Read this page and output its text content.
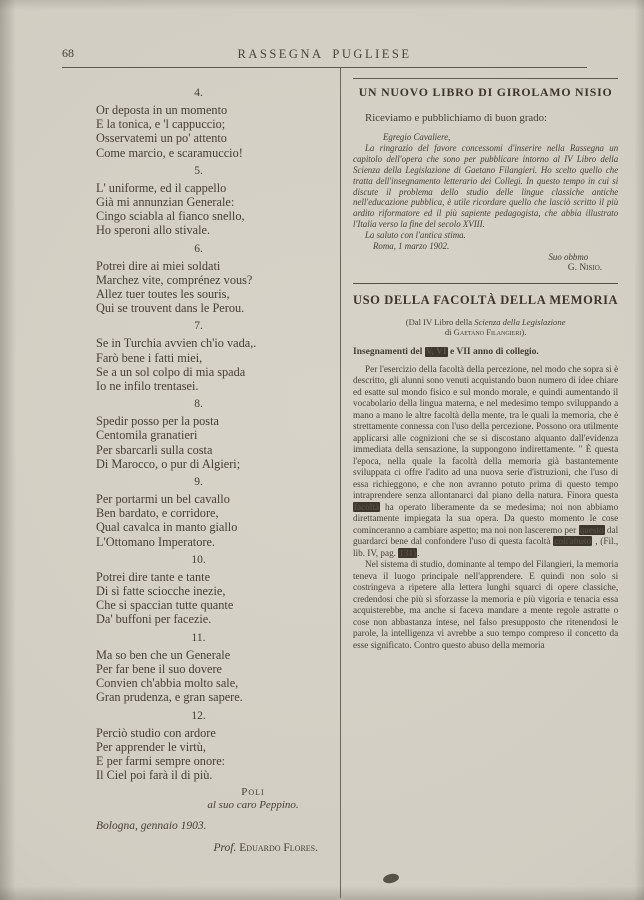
68	RASSEGNA PUGLIESE
4.
Or deposta in un momento
E la tonica, e 'l cappuccio;
Osservatemi un po' attento
Come marcio, e scaramuccio!
5.
L' uniforme, ed il cappello
Già mi annunzian Generale:
Cingo sciabla al fianco snello,
Ho speroni allo stivale.
6.
Potrei dire ai miei soldati
Marchez vite, comprénez vous?
Allez tuer toutes les souris,
Qui se trouvent dans le Perou.
7.
Se in Turchia avvien ch'io vada,.
Farò bene i fatti miei,
Se a un sol colpo di mia spada
Io ne infilo trentasei.
8.
Spedir posso per la posta
Centomila granatieri
Per sbarcarli sulla costa
Di Marocco, o pur di Algieri;
9.
Per portarmi un bel cavallo
Ben bardato, e corridore,
Qual cavalca in manto giallo
L'Ottomano Imperatore.
10.
Potrei dire tante e tante
Di sì fatte sciocche inezie,
Che si spaccian tutte quante
Da' buffoni per facezie.
11.
Ma so ben che un Generale
Per far bene il suo dovere
Convien ch'abbia molto sale,
Gran prudenza, e gran sapere.
12.
Perciò studio con ardore
Per apprender le virtù,
E per farmi sempre onore:
Il Ciel poi farà il di più.
Poli
al suo caro Peppino.
Bologna, gennaio 1903.
Prof. Eduardo Flores.
UN NUOVO LIBRO DI GIROLAMO NISIO

Riceviamo e pubblichiamo di buon grado:

Egregio Cavaliere,

La ringrazio del favore concessomi d'inserire nella Rassegna un capitolo dell'opera che sono per pubblicare intorno al IV Libro della Scienza della Legislazione di Gaetano Filangieri. Ho scelto quello che tratta dell'insegnamento letterario dei Collegi. In questo tempo in cui si discute il problema dello studio delle lingue classiche antiche nell'educazione pubblica, è utile ricordare quello che lasciò scritto il più ardito riformatore ed il più sapiente pedagogista, che abbia illustrato l'Italia verso la fine del secolo XVIII.

La saluto con l'antica stima.

Roma, 1 marzo 1902.

Suo obbmo

G. Nisio.

USO DELLA FACOLTÀ DELLA MEMORIA

(Dal IV Libro della Scienza della Legislazione

di Gaetano Filangieri).

Insegnamenti del V, VI e VII anno di collegio.

Per l'esercizio della facoltà della percezione, nel modo che sopra si è descritto, gli alunni sono venuti acquistando buon numero di idee chiare ed esatte sul mondo fisico e sul mondo morale, e quindi aumentando il vocabolario della lingua materna, e nel medesimo tempo sviluppando a mano a mano le altre facoltà della mente, tra le quali la memoria, che è strettamente connessa con l'uso della percezione. Possono ora utilmente applicarsi alle cognizioni che se si discostano alquanto dall'evidenza immediata della sensazione, la suppongono indirettamente. " È questa l'epoca, nella quale la facoltà della memoria già bastantemente sviluppata ci offre l'adito ad una nuova serie d'istruzioni, che l'uso di essa richieggono, e che non avranno potuto prima di questo tempo intraprendere senza allontanarci dal piano della natura. Finora questa facoltà ha operato liberamente da se medesima; noi non abbiamo direttamente impiegata la sua opera. Da questo momento le cose cominceranno a cambiare aspetto; ma noi non lasceremo per questo dal guardarci bene dal confondere l'uso di questa facoltà coll'abuso , (Fil., lib. IV, pag. 131).

Nel sistema di studio, dominante al tempo del Filangieri, la memoria teneva il luogo principale nell'apprendere. E quindi non solo si costringeva a ripetere alla lettera lunghi squarci di opere classiche, credendosi che più si sforzasse la memoria e più vigoria e tenacia essa acquisterebbe, ma anche si faceva mandare a mente regole astratte o cose non abbastanza intese, nel falso presupposto che ritenendosi le parole, la intelligenza vi avrebbe a suo tempo compreso il concetto da esse significato. Contro questo abuso della memoria
